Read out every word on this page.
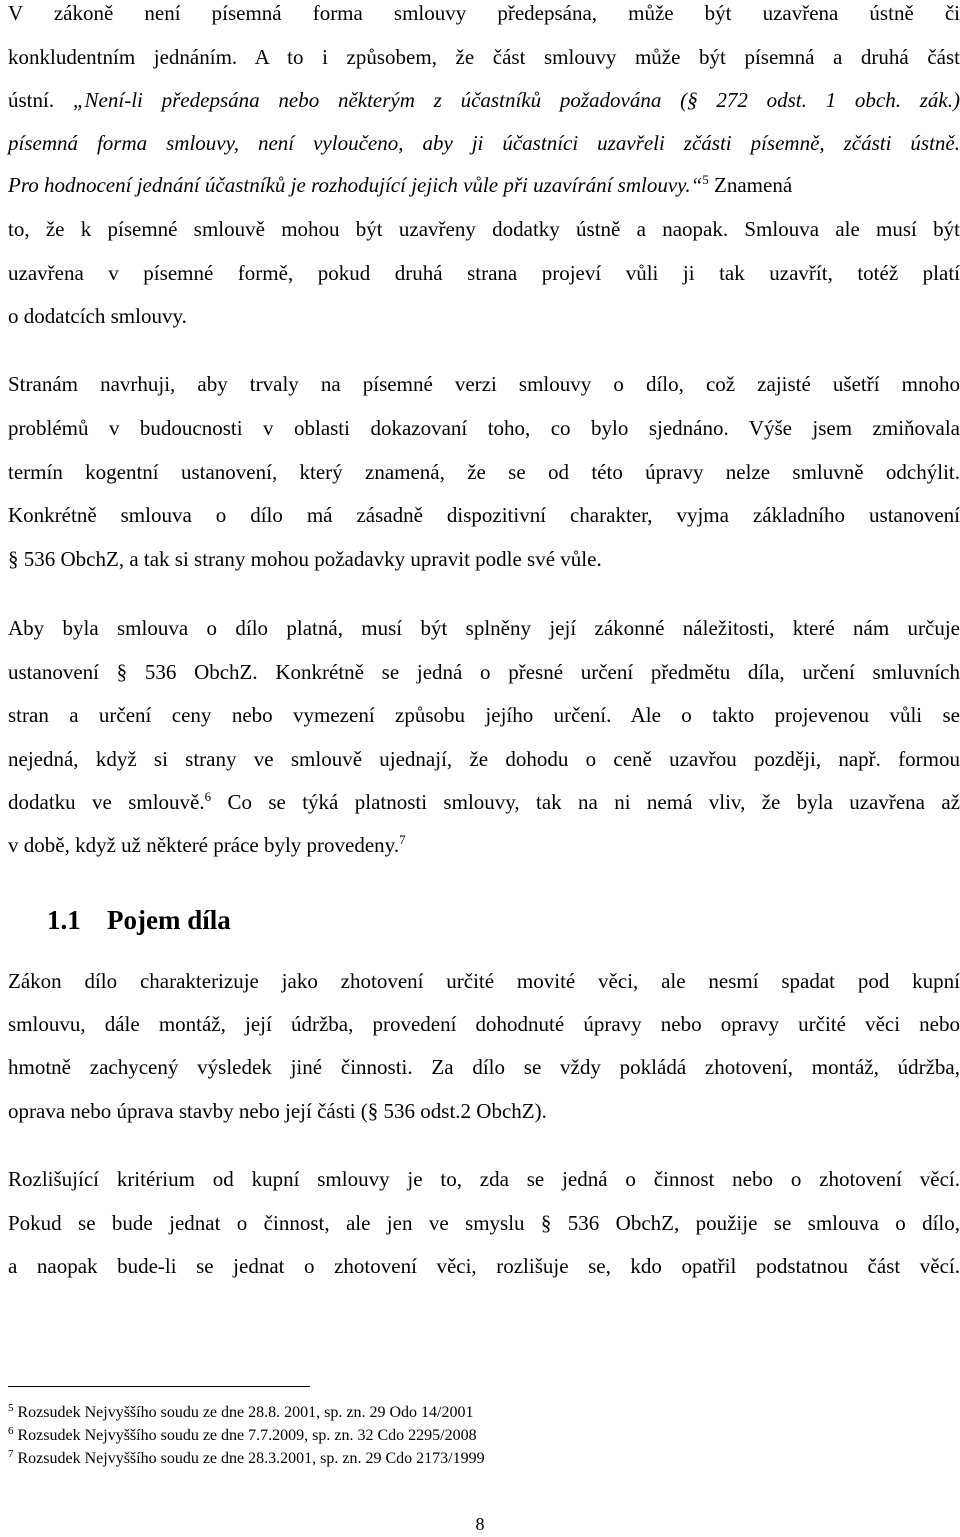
V zákoně není písemná forma smlouvy předepsána, může být uzavřena ústně či
konkludentním jednáním. A to i způsobem, že část smlouvy může být písemná a druhá část
ústní. „Není-li předepsána nebo některým z účastníků požadována (§ 272 odst. 1 obch. zák.)
písemná forma smlouvy, není vyloučeno, aby ji účastníci uzavřeli zčásti písemně, zčásti ústně.
Pro hodnocení jednání účastníků je rozhodující jejich vůle při uzavírání smlouvy.“$^5$ Znamená
to, že k písemné smlouvě mohou být uzavřeny dodatky ústně a naopak. Smlouva ale musí být
uzavřena v písemné formě, pokud druhá strana projeví vůli ji tak uzavřít, totéž platí
o dodatcích smlouvy.
Stranám navrhuji, aby trvaly na písemné verzi smlouvy o dílo, což zajisté ušetří mnoho
problémů v budoucnosti v oblasti dokazovaní toho, co bylo sjednáno. Výše jsem zmiňovala
termín kogentní ustanovení, který znamená, že se od této úpravy nelze smluvně odchýlit.
Konkrétně smlouva o dílo má zásadně dispozitivní charakter, vyjma základního ustanovení
§ 536 ObchZ, a tak si strany mohou požadavky upravit podle své vůle.
Aby byla smlouva o dílo platná, musí být splněny její zákonné náležitosti, které nám určuje
ustanovení § 536 ObchZ. Konkrétně se jedná o přesné určení předmětu díla, určení smluvních
stran a určení ceny nebo vymezení způsobu jejího určení. Ale o takto projevenou vůli se
nejedná, když si strany ve smlouvě ujednají, že dohodu o ceně uzavřou později, např. formou
dodatku ve smlouvě.$^6$ Co se týká platnosti smlouvy, tak na ni nemá vliv, že byla uzavřena až
v době, když už některé práce byly provedeny.$^7$
1.1 Pojem díla
Zákon dílo charakterizuje jako zhotovení určité movité věci, ale nesmí spadat pod kupní
smlouvu, dále montáž, její údržba, provedení dohodnuté úpravy nebo opravy určité věci nebo
hmotně zachycený výsledek jiné činnosti. Za dílo se vždy pokládá zhotovení, montáž, údržba,
oprava nebo úprava stavby nebo její části (§ 536 odst.2 ObchZ).
Rozlišující kritérium od kupní smlouvy je to, zda se jedná o činnost nebo o zhotovení věcí.
Pokud se bude jednat o činnost, ale jen ve smyslu § 536 ObchZ, použije se smlouva o dílo,
a naopak bude-li se jednat o zhotovení věci, rozlišuje se, kdo opatřil podstatnou část věcí.
$^5$ Rozsudek Nejvyššího soudu ze dne 28.8. 2001, sp. zn. 29 Odo 14/2001
$^6$ Rozsudek Nejvyššího soudu ze dne 7.7.2009, sp. zn. 32 Cdo 2295/2008
$^7$ Rozsudek Nejvyššího soudu ze dne 28.3.2001, sp. zn. 29 Cdo 2173/1999
8
